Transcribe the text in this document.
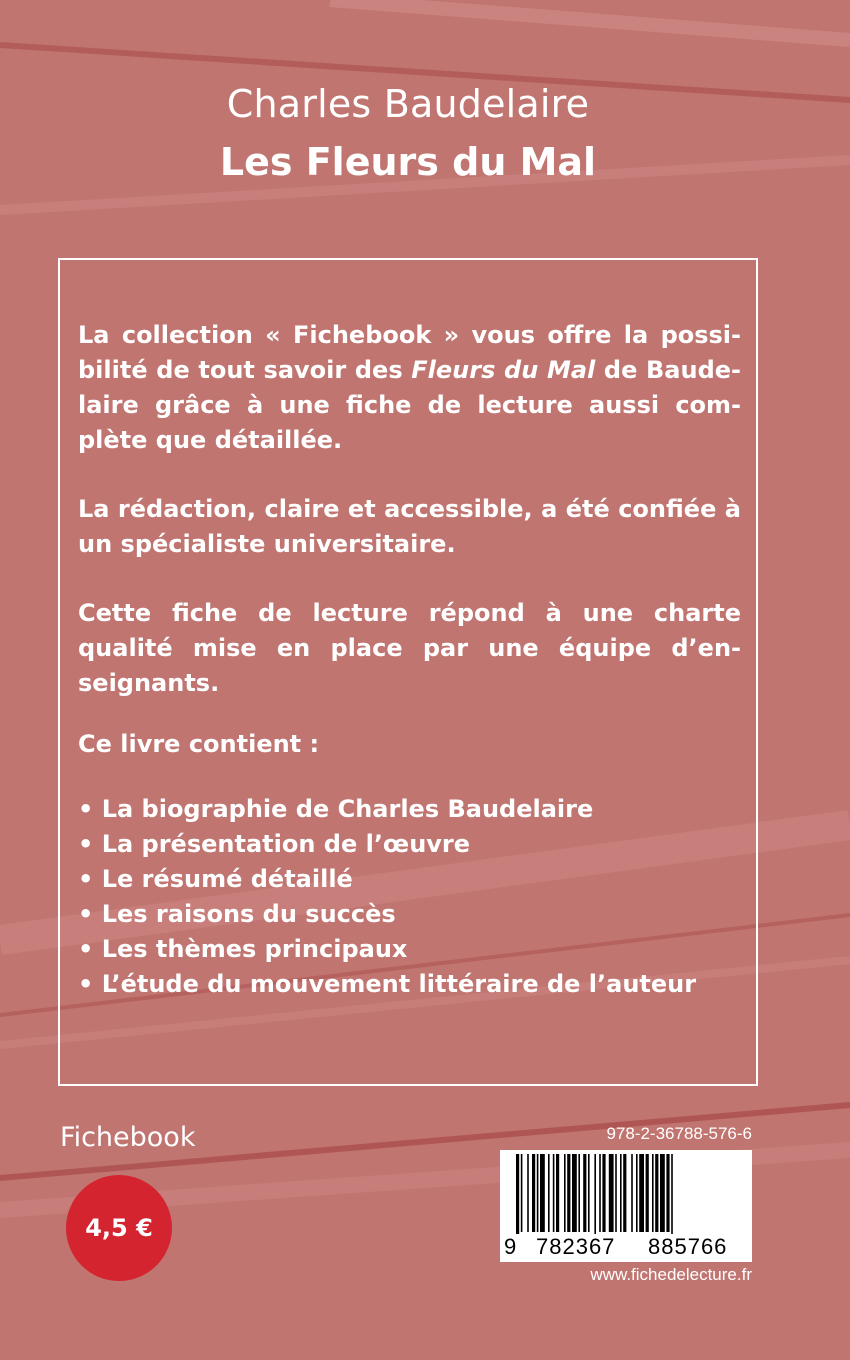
Charles Baudelaire
Les Fleurs du Mal

La collection « Fichebook » vous offre la possi-bilité de tout savoir des Fleurs du Mal de Baude-laire grâce à une fiche de lecture aussi com-plète que détaillée.

La rédaction, claire et accessible, a été confiée à un spécialiste universitaire.

Cette fiche de lecture répond à une charte qualité mise en place par une équipe d’en-seignants.

Ce livre contient :
• La biographie de Charles Baudelaire
• La présentation de l’œuvre
• Le résumé détaillé
• Les raisons du succès
• Les thèmes principaux
• L’étude du mouvement littéraire de l’auteur
Fichebook
4,5 €
978-2-36788-576-6
9 782367 885766
www.fichedelecture.fr
